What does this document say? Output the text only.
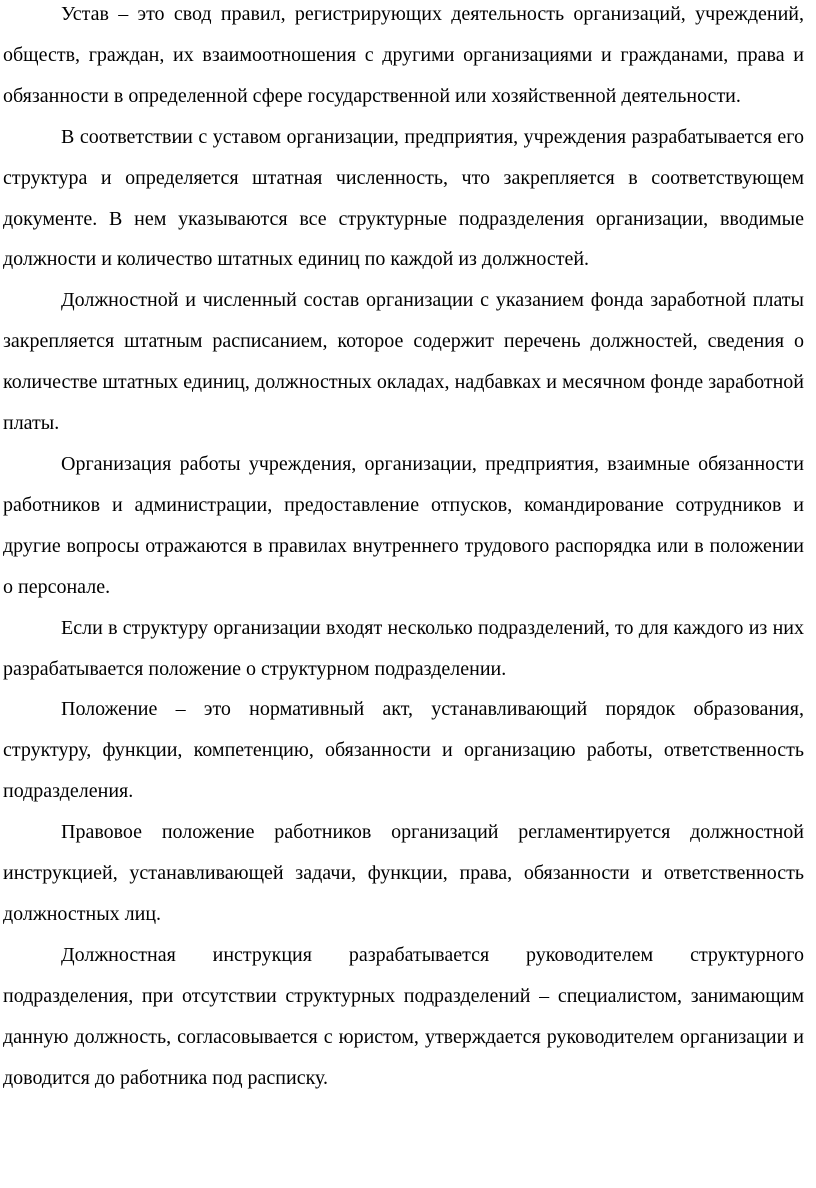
Устав – это свод правил, регистрирующих деятельность организаций, учреждений, обществ, граждан, их взаимоотношения с другими организациями и гражданами, права и обязанности в определенной сфере государственной или хозяйственной деятельности.

В соответствии с уставом организации, предприятия, учреждения разрабатывается его структура и определяется штатная численность, что закрепляется в соответствующем документе. В нем указываются все структурные подразделения организации, вводимые должности и количество штатных единиц по каждой из должностей.

Должностной и численный состав организации с указанием фонда заработной платы закрепляется штатным расписанием, которое содержит перечень должностей, сведения о количестве штатных единиц, должностных окладах, надбавках и месячном фонде заработной платы.

Организация работы учреждения, организации, предприятия, взаимные обязанности работников и администрации, предоставление отпусков, командирование сотрудников и другие вопросы отражаются в правилах внутреннего трудового распорядка или в положении о персонале.

Если в структуру организации входят несколько подразделений, то для каждого из них разрабатывается положение о структурном подразделении.

Положение – это нормативный акт, устанавливающий порядок образования, структуру, функции, компетенцию, обязанности и организацию работы, ответственность подразделения.

Правовое положение работников организаций регламентируется должностной инструкцией, устанавливающей задачи, функции, права, обязанности и ответственность должностных лиц.

Должностная инструкция разрабатывается руководителем структурного подразделения, при отсутствии структурных подразделений – специалистом, занимающим данную должность, согласовывается с юристом, утверждается руководителем организации и доводится до работника под расписку.
